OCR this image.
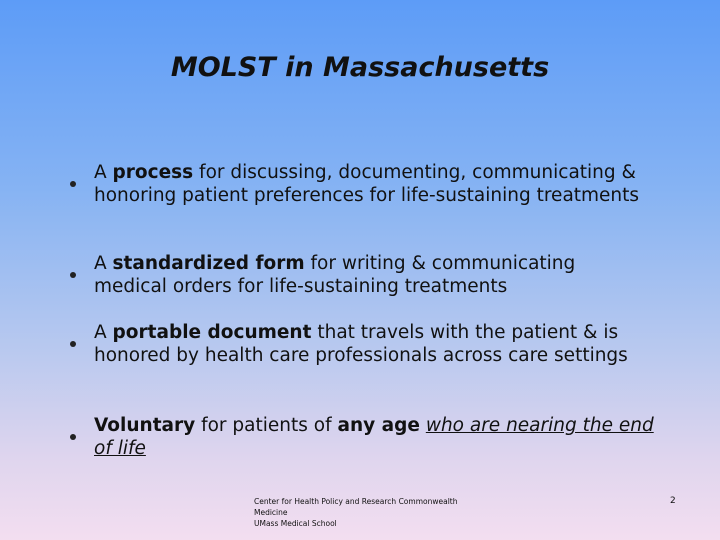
MOLST in Massachusetts
A process for discussing, documenting, communicating & honoring patient preferences for life-sustaining treatments
A standardized form for writing & communicating medical orders for life-sustaining treatments
A portable document that travels with the patient & is honored by health care professionals across care settings
Voluntary for patients of any age who are nearing the end of life
Center for Health Policy and Research Commonwealth
Medicine
UMass Medical School
2
